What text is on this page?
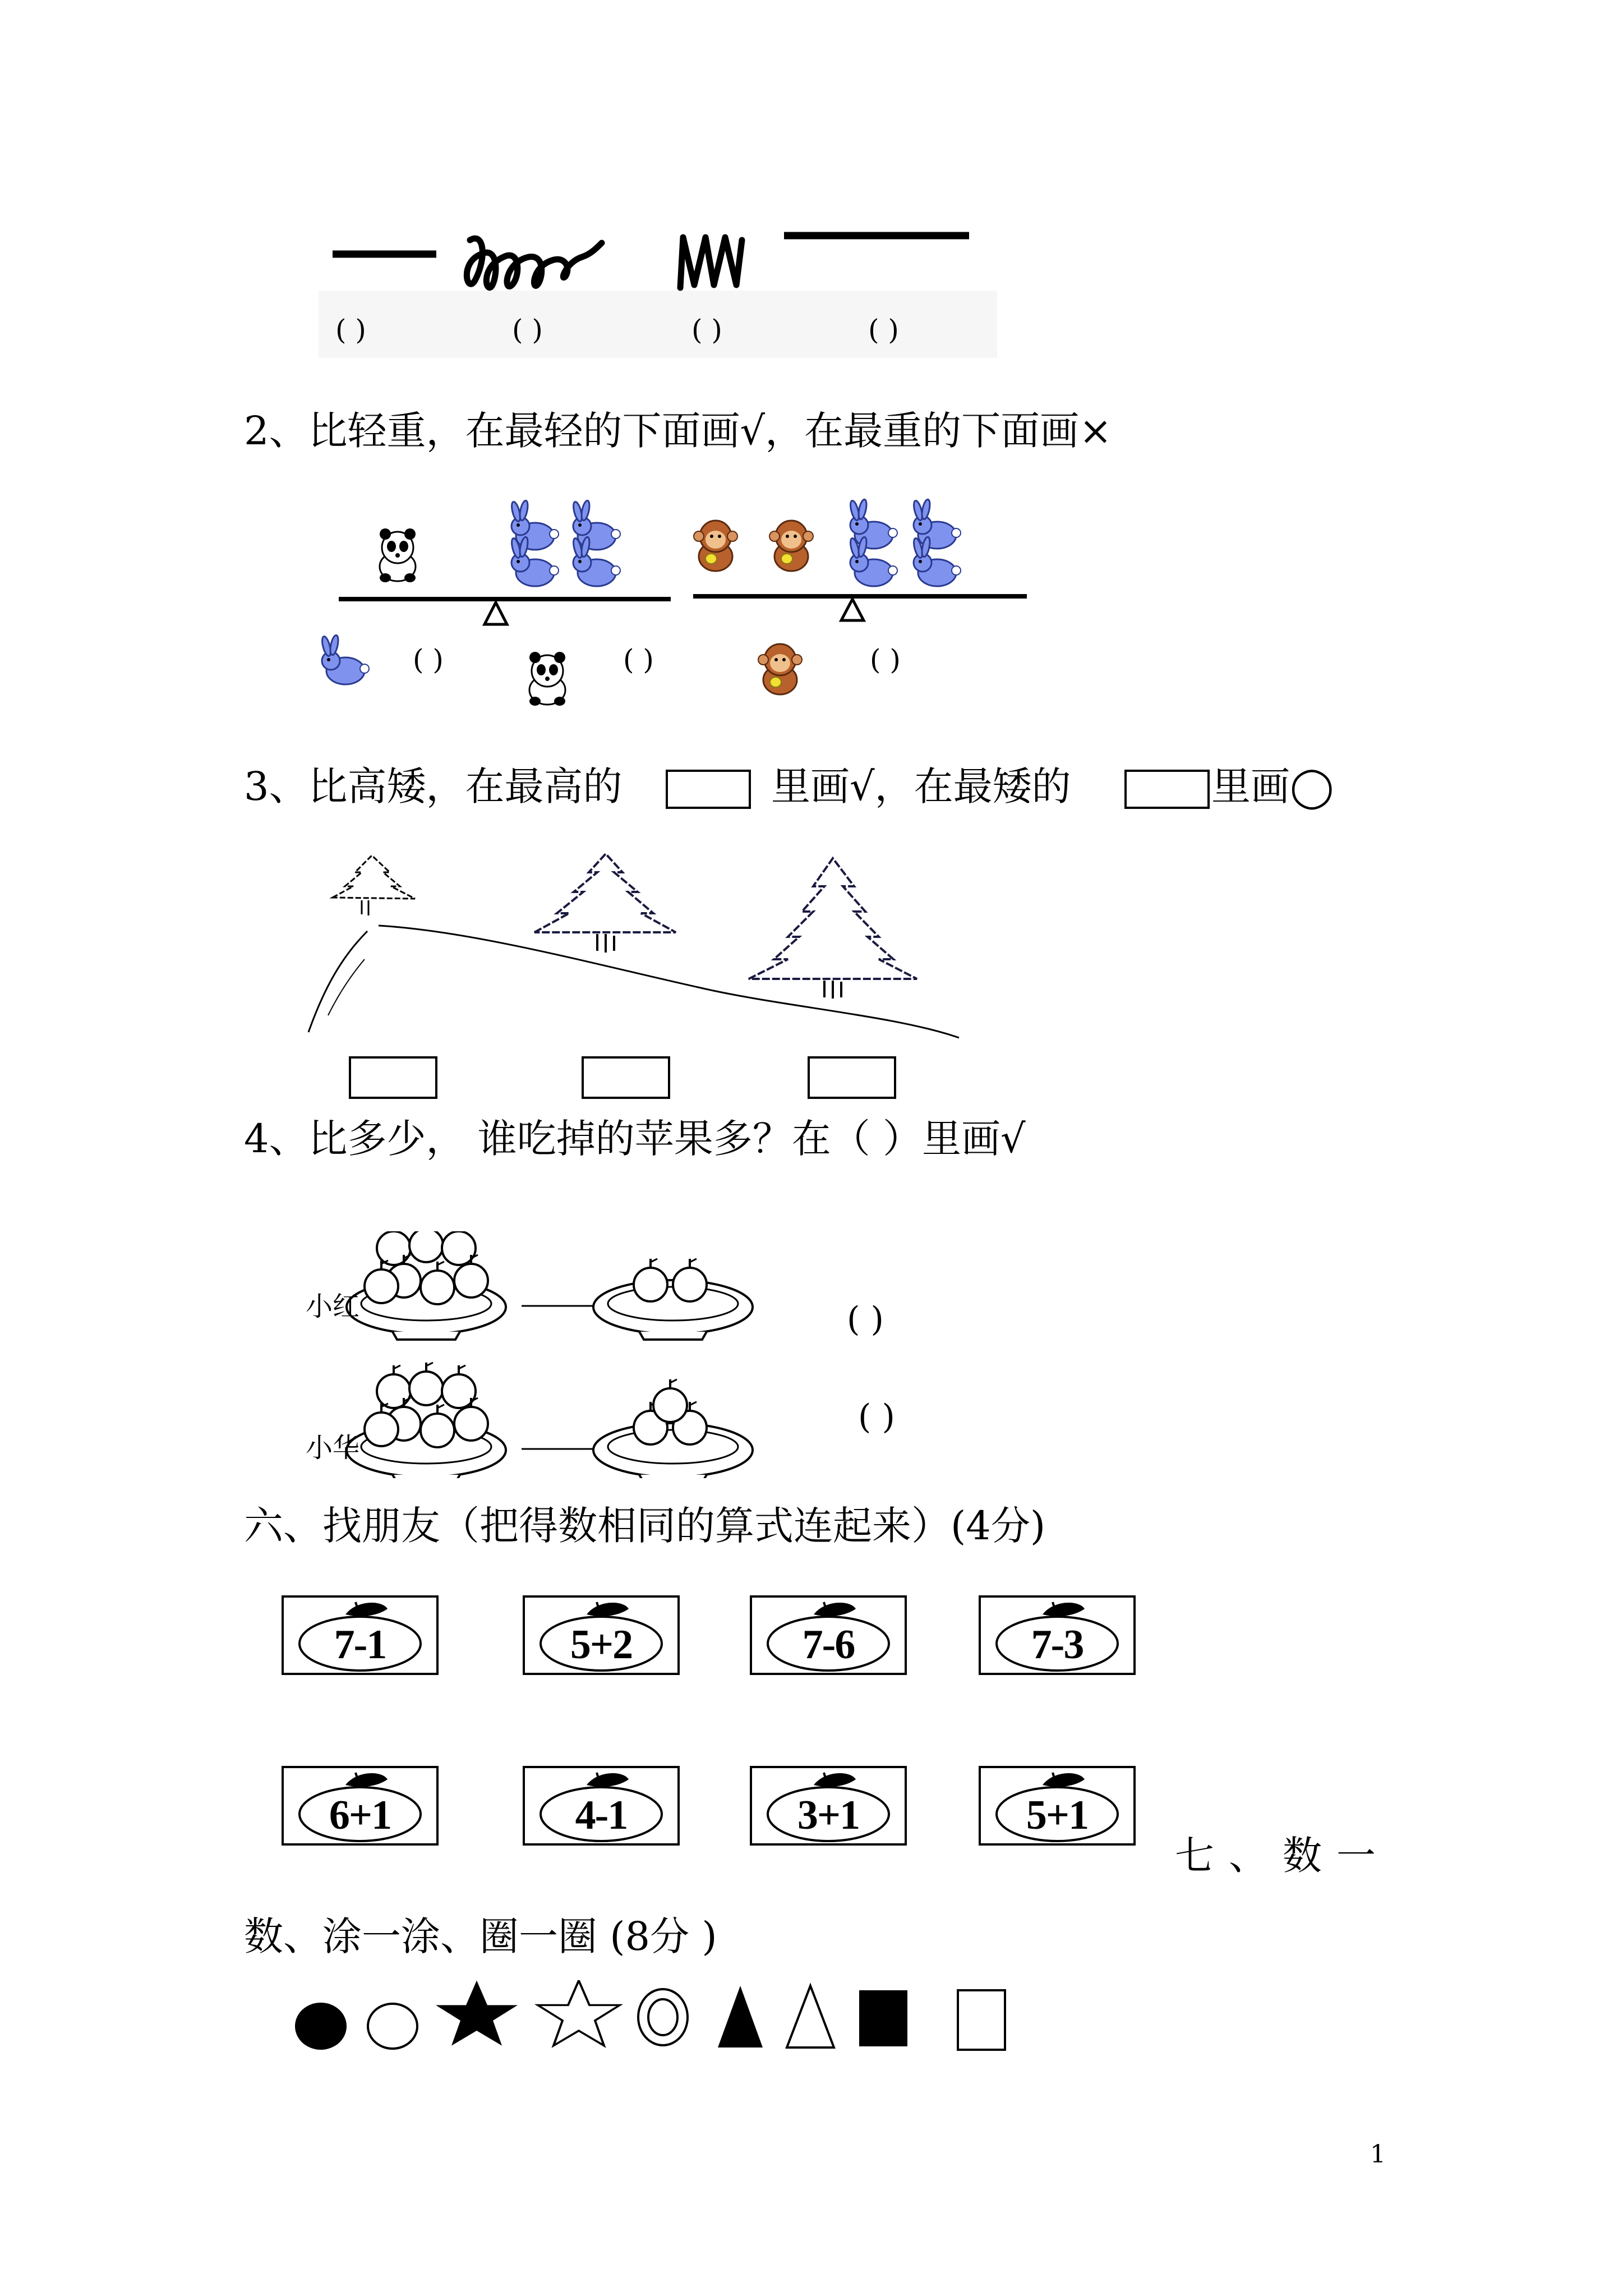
( )	( )	( )	( )
2、比轻重，在最轻的下面画√，在最重的下面画×
( )	( )	( )
3、比高矮，在最高的	里画√，在最矮的	里画◯
4、比多少， 谁吃掉的苹果多？在（ ）里画√
小红
小华
( )
( )
六、找朋友（把得数相同的算式连起来）(4分)
7-1	5+2	7-6	7-3
6+1	4-1	3+1	5+1
七、数一
数、涂一涂、圈一圈 (8分 )
1
